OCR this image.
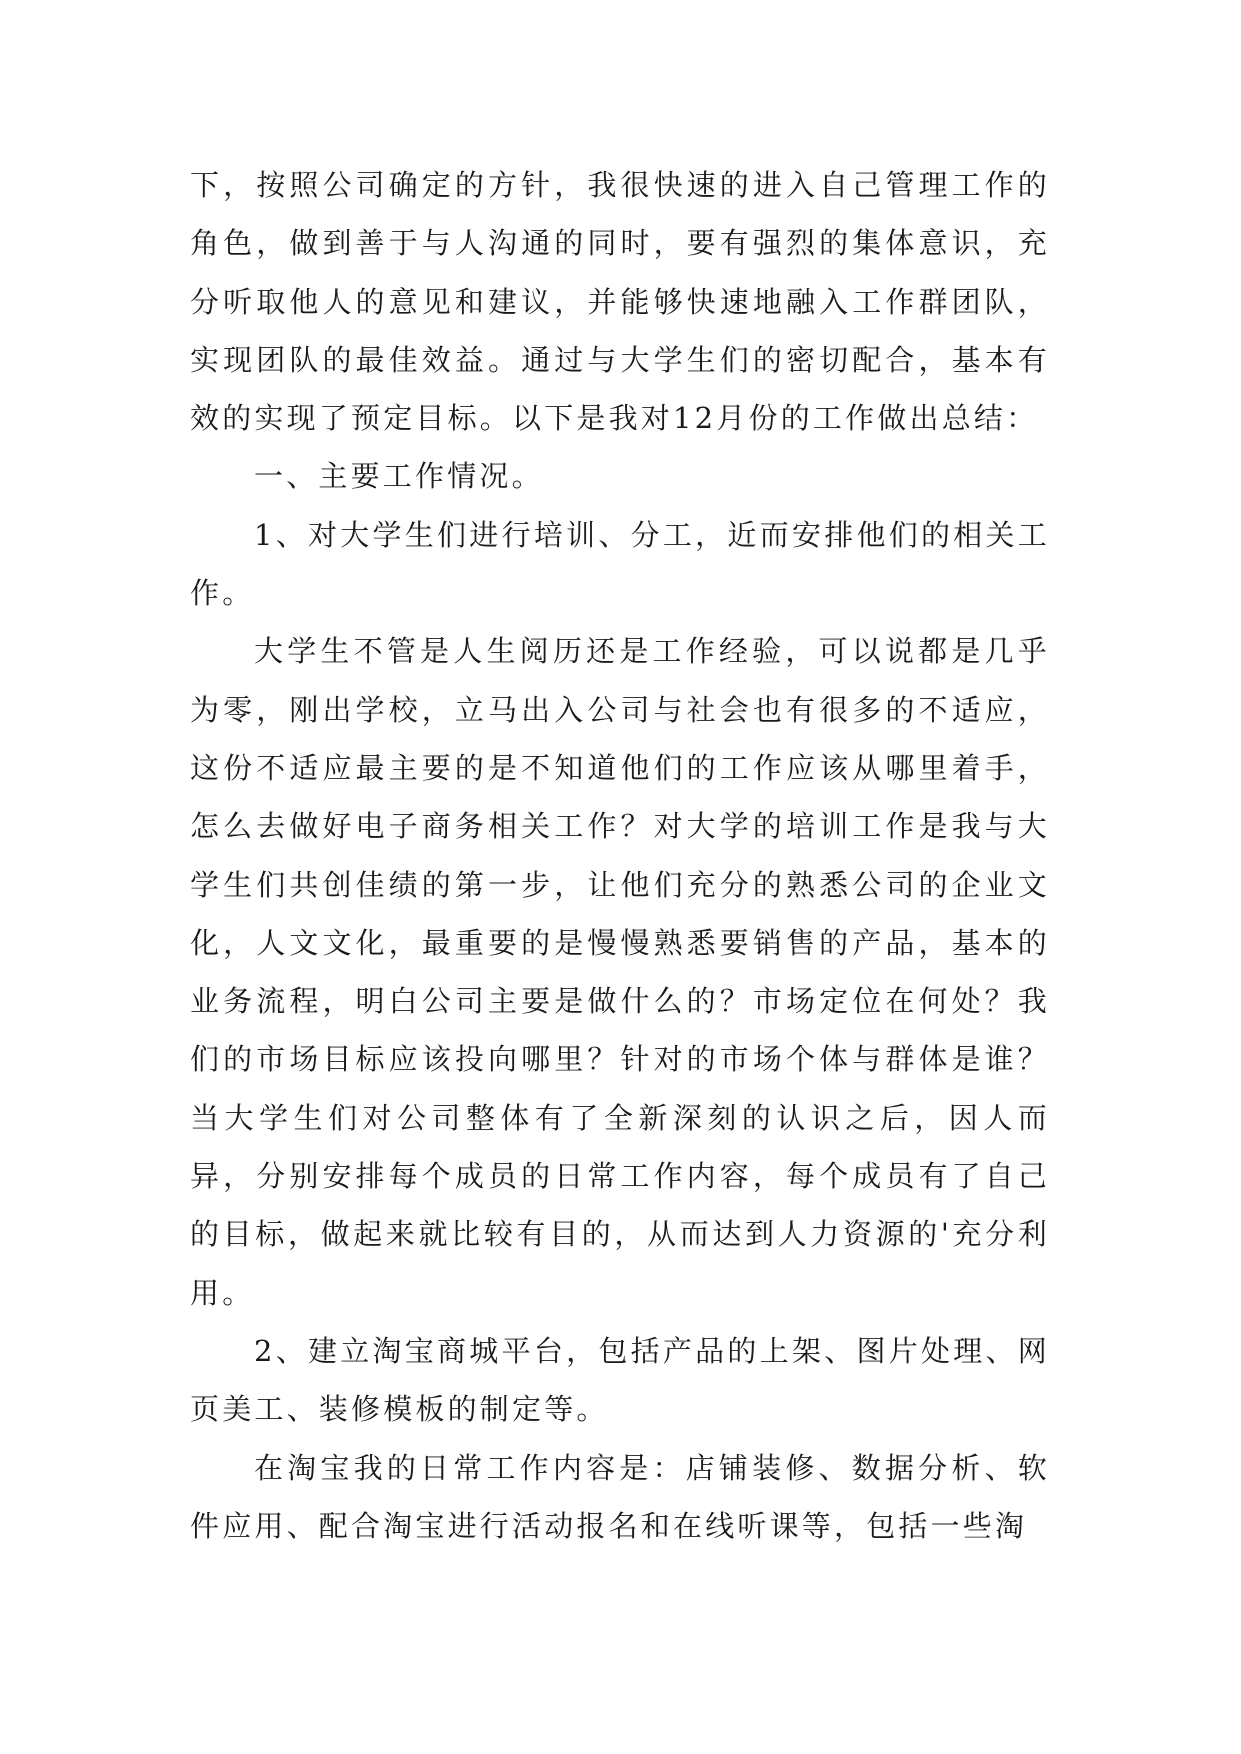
下，按照公司确定的方针，我很快速的进入自己管理工作的角色，做到善于与人沟通的同时，要有强烈的集体意识，充分听取他人的意见和建议，并能够快速地融入工作群团队，实现团队的最佳效益。通过与大学生们的密切配合，基本有效的实现了预定目标。以下是我对12月份的工作做出总结：

一、主要工作情况。

1、对大学生们进行培训、分工，近而安排他们的相关工作。

大学生不管是人生阅历还是工作经验，可以说都是几乎为零，刚出学校，立马出入公司与社会也有很多的不适应，这份不适应最主要的是不知道他们的工作应该从哪里着手，怎么去做好电子商务相关工作？对大学的培训工作是我与大学生们共创佳绩的第一步，让他们充分的熟悉公司的企业文化，人文文化，最重要的是慢慢熟悉要销售的产品，基本的业务流程，明白公司主要是做什么的？市场定位在何处？我们的市场目标应该投向哪里？针对的市场个体与群体是谁？当大学生们对公司整体有了全新深刻的认识之后，因人而异，分别安排每个成员的日常工作内容，每个成员有了自己的目标，做起来就比较有目的，从而达到人力资源的'充分利用。

2、建立淘宝商城平台，包括产品的上架、图片处理、网页美工、装修模板的制定等。

在淘宝我的日常工作内容是：店铺装修、数据分析、软件应用、配合淘宝进行活动报名和在线听课等，包括一些淘
